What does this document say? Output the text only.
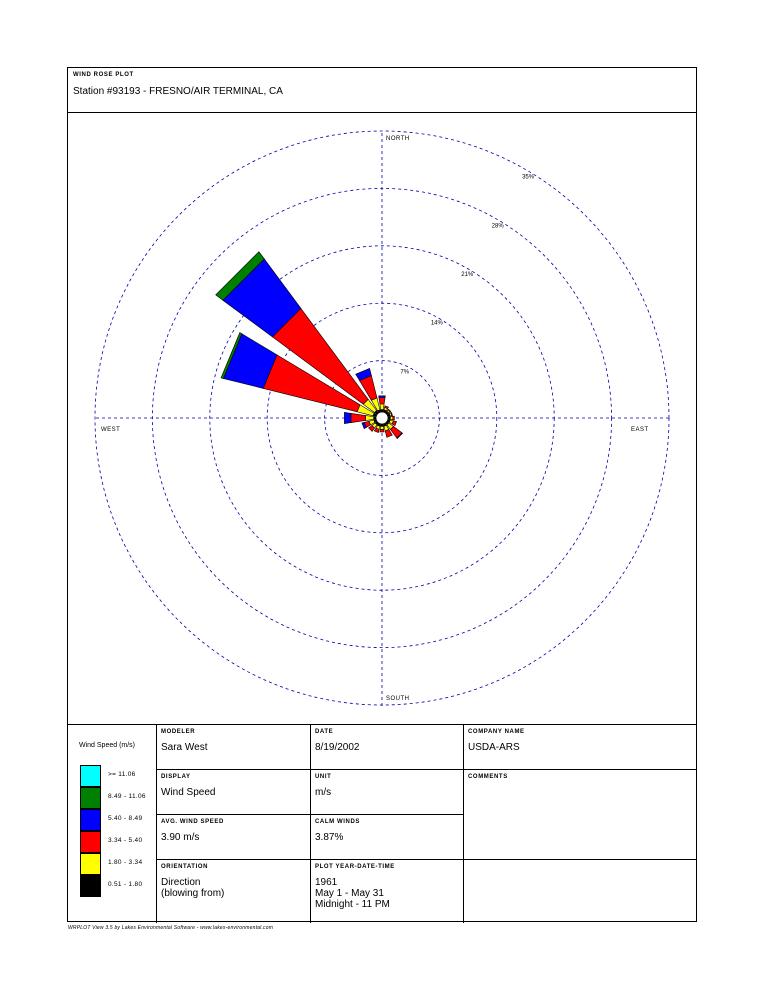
WIND ROSE PLOT
Station #93193 - FRESNO/AIR TERMINAL, CA
NORTH
SOUTH
EAST
WEST
7%
14%
21%
28%
35%
Wind Speed (m/s)
>= 11.06
8.49 - 11.06
5.40 - 8.49
3.34 - 5.40
1.80 - 3.34
0.51 - 1.80
MODELER
Sara West
DATE
8/19/2002
COMPANY NAME
USDA-ARS
DISPLAY
Wind Speed
UNIT
m/s
COMMENTS
AVG. WIND SPEED
3.90 m/s
CALM WINDS
3.87%
ORIENTATION
Direction
(blowing from)
PLOT YEAR-DATE-TIME
1961
May 1 - May 31
Midnight - 11 PM
WRPLOT View 3.5 by Lakes Environmental Software - www.lakes-environmental.com
